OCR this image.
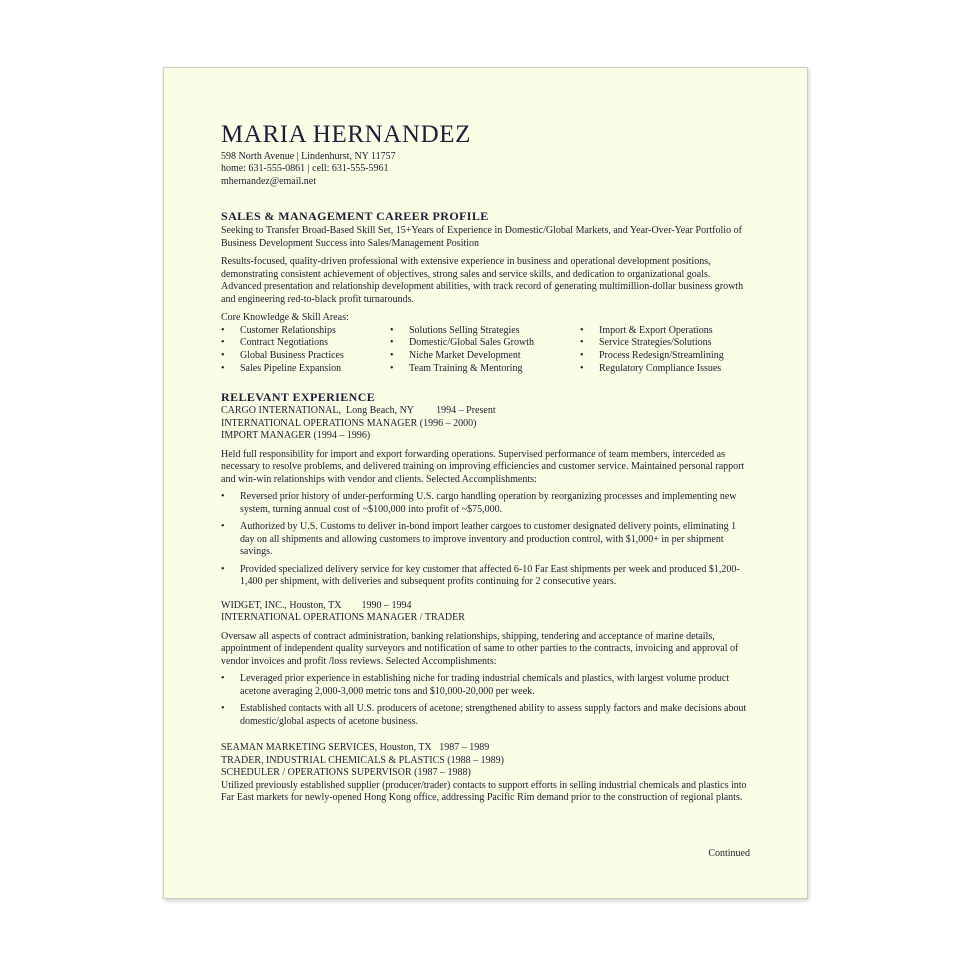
MARIA HERNANDEZ
598 North Avenue | Lindenhurst, NY 11757
home: 631-555-0861 | cell: 631-555-5961
mhernandez@email.net
SALES & MANAGEMENT CAREER PROFILE

Seeking to Transfer Broad-Based Skill Set, 15+Years of Experience in Domestic/Global Markets, and Year-Over-Year Portfolio of Business Development Success into Sales/Management Position

Results-focused, quality-driven professional with extensive experience in business and operational development positions, demonstrating consistent achievement of objectives, strong sales and service skills, and dedication to organizational goals. Advanced presentation and relationship development abilities, with track record of generating multimillion-dollar business growth and engineering red-to-black profit turnarounds.

Core Knowledge & Skill Areas:

• Customer Relationships
• Contract Negotiations
• Global Business Practices
• Sales Pipeline Expansion
• Solutions Selling Strategies
• Domestic/Global Sales Growth
• Niche Market Development
• Team Training & Mentoring
• Import & Export Operations
• Service Strategies/Solutions
• Process Redesign/Streamlining
• Regulatory Compliance Issues
RELEVANT EXPERIENCE

CARGO INTERNATIONAL,  Long Beach, NY         1994 – Present

INTERNATIONAL OPERATIONS MANAGER (1996 – 2000)

IMPORT MANAGER (1994 – 1996)

Held full responsibility for import and export forwarding operations. Supervised performance of team members, interceded as necessary to resolve problems, and delivered training on improving efficiencies and customer service. Maintained personal rapport and win-win relationships with vendor and clients. Selected Accomplishments:

• Reversed prior history of under-performing U.S. cargo handling operation by reorganizing processes and implementing new system, turning annual cost of ~$100,000 into profit of ~$75,000.
• Authorized by U.S. Customs to deliver in-bond import leather cargoes to customer designated delivery points, eliminating 1 day on all shipments and allowing customers to improve inventory and production control, with $1,000+ in per shipment savings.
• Provided specialized delivery service for key customer that affected 6-10 Far East shipments per week and produced $1,200-1,400 per shipment, with deliveries and subsequent profits continuing for 2 consecutive years.

WIDGET, INC., Houston, TX        1990 – 1994

INTERNATIONAL OPERATIONS MANAGER / TRADER

Oversaw all aspects of contract administration, banking relationships, shipping, tendering and acceptance of marine details, appointment of independent quality surveyors and notification of same to other parties to the contracts, invoicing and approval of vendor invoices and profit /loss reviews. Selected Accomplishments:

• Leveraged prior experience in establishing niche for trading industrial chemicals and plastics, with largest volume product acetone averaging 2,000-3,000 metric tons and $10,000-20,000 per week.
• Established contacts with all U.S. producers of acetone; strengthened ability to assess supply factors and make decisions about domestic/global aspects of acetone business.

SEAMAN MARKETING SERVICES, Houston, TX   1987 – 1989

TRADER, INDUSTRIAL CHEMICALS & PLASTICS (1988 – 1989)

SCHEDULER / OPERATIONS SUPERVISOR (1987 – 1988)

Utilized previously established supplier (producer/trader) contacts to support efforts in selling industrial chemicals and plastics into Far East markets for newly-opened Hong Kong office, addressing Pacific Rim demand prior to the construction of regional plants.

Continued
